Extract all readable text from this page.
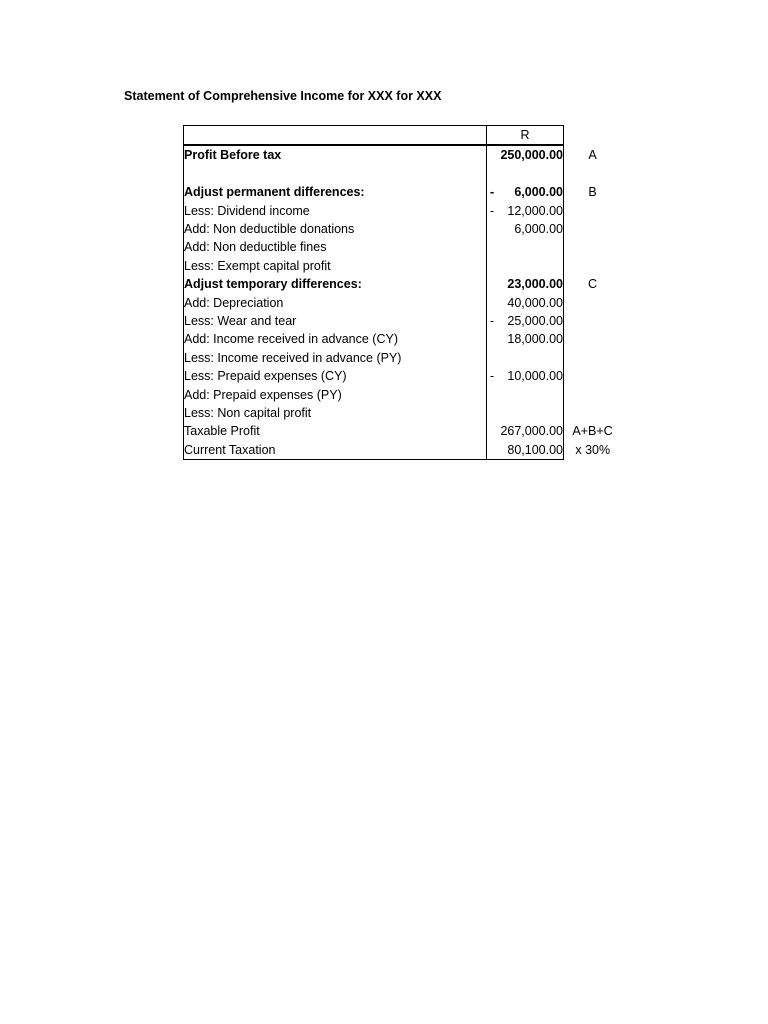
Statement of Comprehensive Income for XXX for XXX
	R	
Profit Before tax	250,000.00	A

Adjust permanent differences:	- 6,000.00	B
Less: Dividend income	- 12,000.00	
Add: Non deductible donations	6,000.00	
Add: Non deductible fines	

Less: Exempt capital profit	

Adjust temporary differences:	23,000.00	C
Add: Depreciation	40,000.00	
Less: Wear and tear	- 25,000.00	
Add: Income received in advance (CY)	18,000.00	
Less: Income received in advance (PY)	

Less: Prepaid expenses (CY)	- 10,000.00	
Add: Prepaid expenses (PY)	

Less: Non capital profit	

Taxable Profit	267,000.00	A+B+C
Current Taxation	80,100.00	x 30%
